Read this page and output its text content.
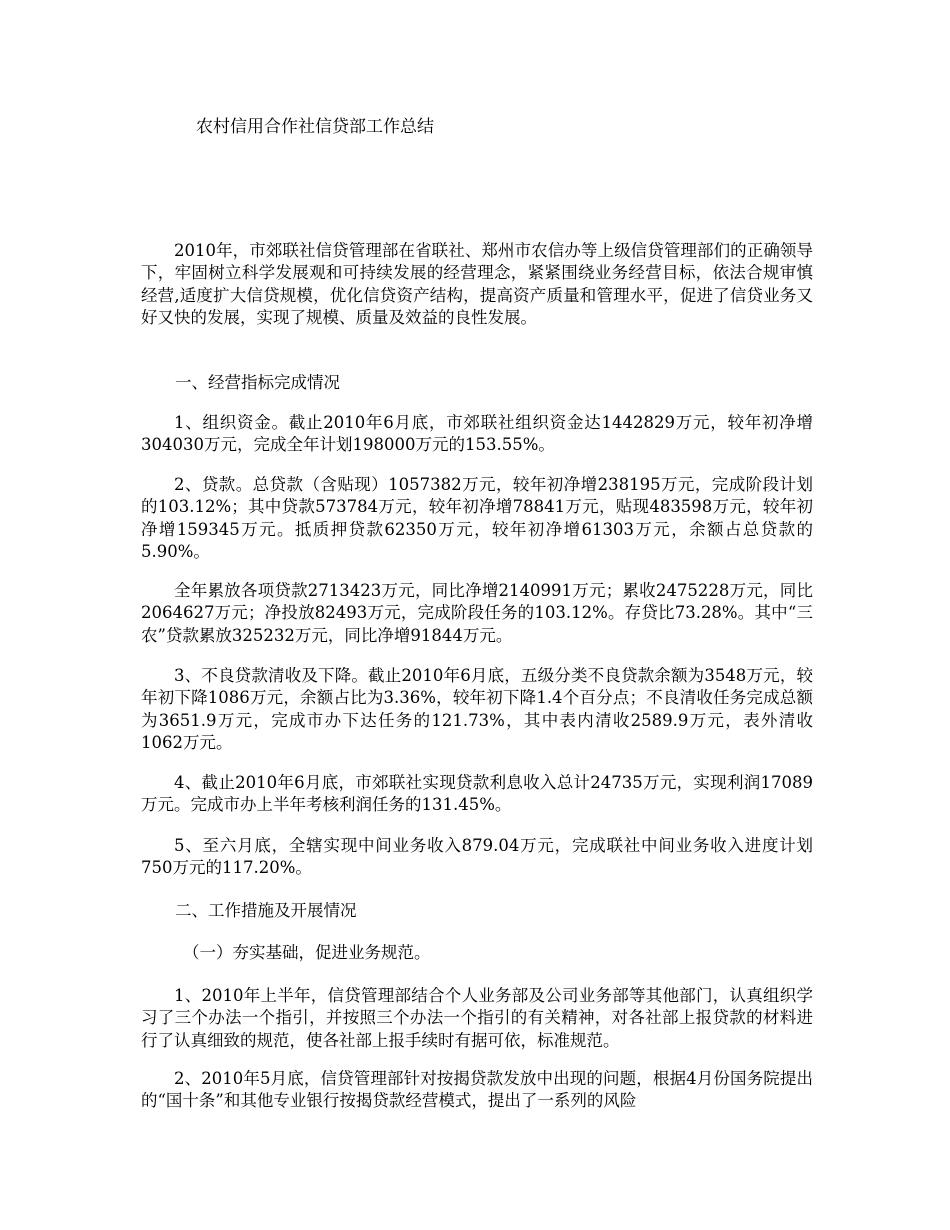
农村信用合作社信贷部工作总结

2010年，市郊联社信贷管理部在省联社、郑州市农信办等上级信贷管理部们的正确领导下，牢固树立科学发展观和可持续发展的经营理念，紧紧围绕业务经营目标，依法合规审慎经营,适度扩大信贷规模，优化信贷资产结构，提高资产质量和管理水平，促进了信贷业务又好又快的发展，实现了规模、质量及效益的良性发展。

一、经营指标完成情况

1、组织资金。截止2010年6月底，市郊联社组织资金达1442829万元，较年初净增304030万元，完成全年计划198000万元的153.55%。

2、贷款。总贷款（含贴现）1057382万元，较年初净增238195万元，完成阶段计划的103.12%；其中贷款573784万元，较年初净增78841万元，贴现483598万元，较年初净增159345万元。抵质押贷款62350万元，较年初净增61303万元，余额占总贷款的5.90%。

全年累放各项贷款2713423万元，同比净增2140991万元；累收2475228万元，同比2064627万元；净投放82493万元，完成阶段任务的103.12%。存贷比73.28%。其中“三农”贷款累放325232万元，同比净增91844万元。

3、不良贷款清收及下降。截止2010年6月底，五级分类不良贷款余额为3548万元，较年初下降1086万元，余额占比为3.36%，较年初下降1.4个百分点；不良清收任务完成总额为3651.9万元，完成市办下达任务的121.73%，其中表内清收2589.9万元，表外清收1062万元。

4、截止2010年6月底，市郊联社实现贷款利息收入总计24735万元，实现利润17089万元。完成市办上半年考核利润任务的131.45%。

5、至六月底，全辖实现中间业务收入879.04万元，完成联社中间业务收入进度计划750万元的117.20%。

二、工作措施及开展情况

（一）夯实基础，促进业务规范。

1、2010年上半年，信贷管理部结合个人业务部及公司业务部等其他部门，认真组织学习了三个办法一个指引，并按照三个办法一个指引的有关精神，对各社部上报贷款的材料进行了认真细致的规范，使各社部上报手续时有据可依，标准规范。

2、2010年5月底，信贷管理部针对按揭贷款发放中出现的问题，根据4月份国务院提出的“国十条”和其他专业银行按揭贷款经营模式，提出了一系列的风险
